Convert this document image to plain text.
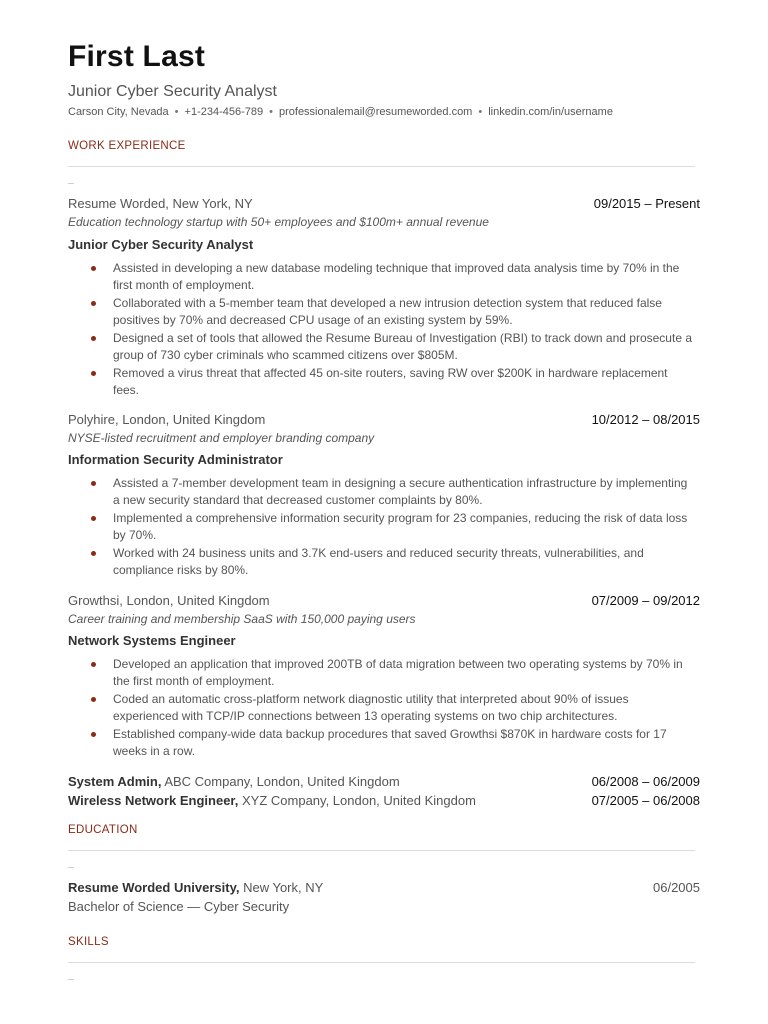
First Last
Junior Cyber Security Analyst
Carson City, Nevada • +1-234-456-789 • professionalemail@resumeworded.com • linkedin.com/in/username
WORK EXPERIENCE
Resume Worded, New York, NY	09/2015 – Present
Education technology startup with 50+ employees and $100m+ annual revenue
Junior Cyber Security Analyst
Assisted in developing a new database modeling technique that improved data analysis time by 70% in the first month of employment.
Collaborated with a 5-member team that developed a new intrusion detection system that reduced false positives by 70% and decreased CPU usage of an existing system by 59%.
Designed a set of tools that allowed the Resume Bureau of Investigation (RBI) to track down and prosecute a group of 730 cyber criminals who scammed citizens over $805M.
Removed a virus threat that affected 45 on-site routers, saving RW over $200K in hardware replacement fees.
Polyhire, London, United Kingdom	10/2012 – 08/2015
NYSE-listed recruitment and employer branding company
Information Security Administrator
Assisted a 7-member development team in designing a secure authentication infrastructure by implementing a new security standard that decreased customer complaints by 80%.
Implemented a comprehensive information security program for 23 companies, reducing the risk of data loss by 70%.
Worked with 24 business units and 3.7K end-users and reduced security threats, vulnerabilities, and compliance risks by 80%.
Growthsi, London, United Kingdom	07/2009 – 09/2012
Career training and membership SaaS with 150,000 paying users
Network Systems Engineer
Developed an application that improved 200TB of data migration between two operating systems by 70% in the first month of employment.
Coded an automatic cross-platform network diagnostic utility that interpreted about 90% of issues experienced with TCP/IP connections between 13 operating systems on two chip architectures.
Established company-wide data backup procedures that saved Growthsi $870K in hardware costs for 17 weeks in a row.
System Admin, ABC Company, London, United Kingdom	06/2008 – 06/2009
Wireless Network Engineer, XYZ Company, London, United Kingdom	07/2005 – 06/2008
EDUCATION
Resume Worded University, New York, NY	06/2005
Bachelor of Science — Cyber Security
SKILLS
